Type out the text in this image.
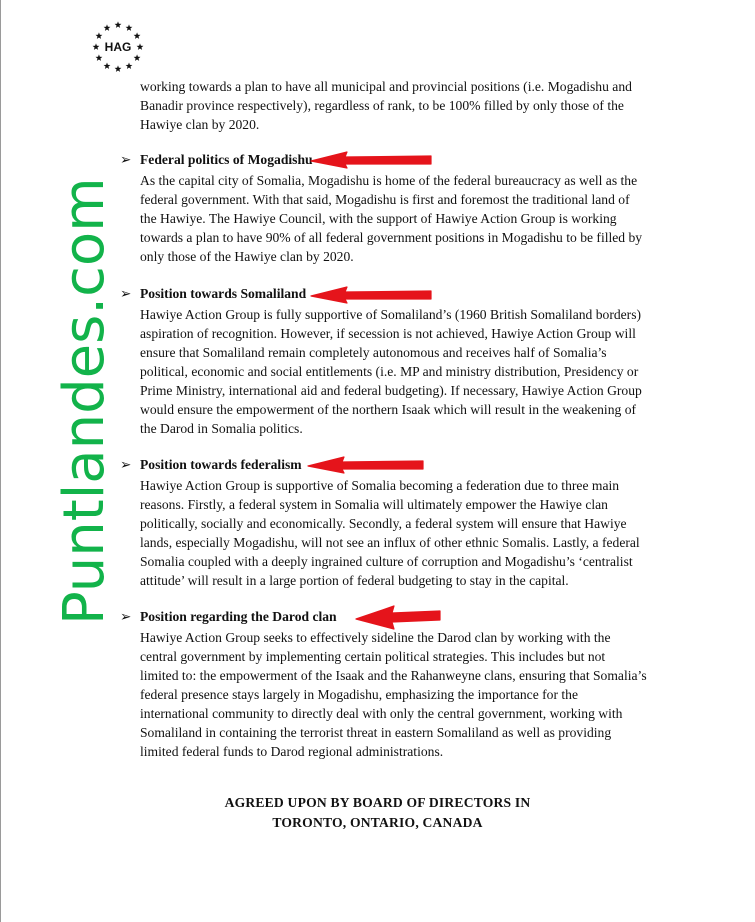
HAG
Puntlandes.com
working towards a plan to have all municipal and provincial positions (i.e. Mogadishu and
Banadir province respectively), regardless of rank, to be 100% filled by only those of the
Hawiye clan by 2020.
➢ Federal politics of Mogadishu
As the capital city of Somalia, Mogadishu is home of the federal bureaucracy as well as the
federal government. With that said, Mogadishu is first and foremost the traditional land of
the Hawiye. The Hawiye Council, with the support of Hawiye Action Group is working
towards a plan to have 90% of all federal government positions in Mogadishu to be filled by
only those of the Hawiye clan by 2020.
➢ Position towards Somaliland
Hawiye Action Group is fully supportive of Somaliland’s (1960 British Somaliland borders)
aspiration of recognition. However, if secession is not achieved, Hawiye Action Group will
ensure that Somaliland remain completely autonomous and receives half of Somalia’s
political, economic and social entitlements (i.e. MP and ministry distribution, Presidency or
Prime Ministry, international aid and federal budgeting). If necessary, Hawiye Action Group
would ensure the empowerment of the northern Isaak which will result in the weakening of
the Darod in Somalia politics.
➢ Position towards federalism
Hawiye Action Group is supportive of Somalia becoming a federation due to three main
reasons. Firstly, a federal system in Somalia will ultimately empower the Hawiye clan
politically, socially and economically. Secondly, a federal system will ensure that Hawiye
lands, especially Mogadishu, will not see an influx of other ethnic Somalis. Lastly, a federal
Somalia coupled with a deeply ingrained culture of corruption and Mogadishu’s ‘centralist
attitude’ will result in a large portion of federal budgeting to stay in the capital.
➢ Position regarding the Darod clan
Hawiye Action Group seeks to effectively sideline the Darod clan by working with the
central government by implementing certain political strategies. This includes but not
limited to: the empowerment of the Isaak and the Rahanweyne clans, ensuring that Somalia’s
federal presence stays largely in Mogadishu, emphasizing the importance for the
international community to directly deal with only the central government, working with
Somaliland in containing the terrorist threat in eastern Somaliland as well as providing
limited federal funds to Darod regional administrations.
AGREED UPON BY BOARD OF DIRECTORS IN
TORONTO, ONTARIO, CANADA
